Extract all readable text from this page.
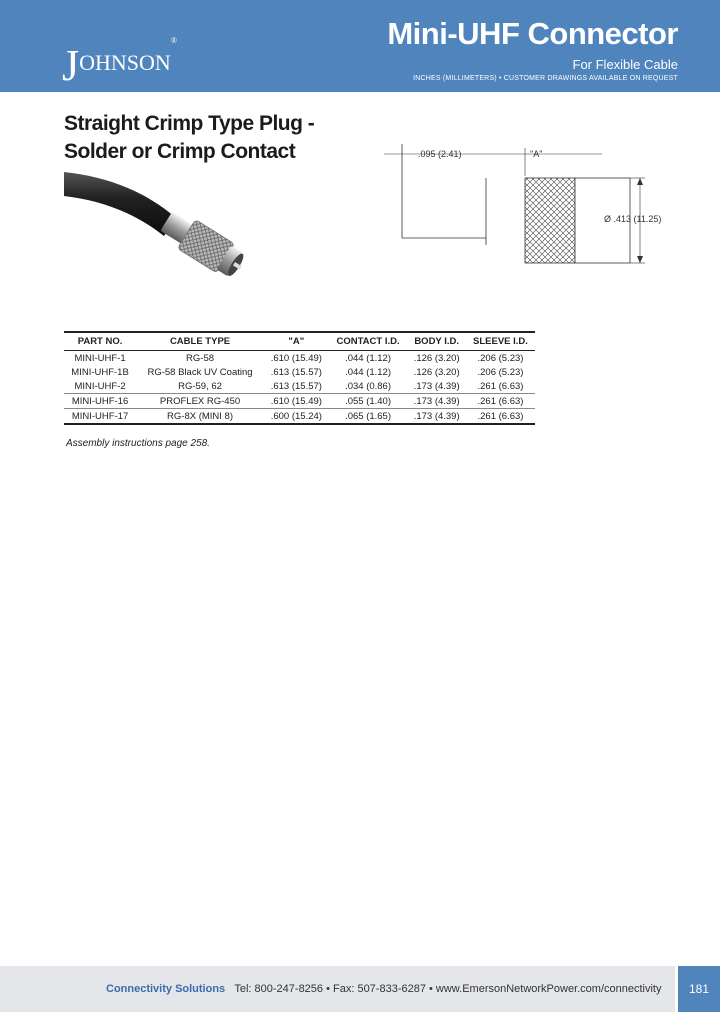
JOHNSON®	Mini-UHF Connector
For Flexible Cable
INCHES (MILLIMETERS) • CUSTOMER DRAWINGS AVAILABLE ON REQUEST
Straight Crimp Type Plug -
Solder or Crimp Contact	.095 (2.41)	"A"
Ø .413 (11.25)
PART NO.	CABLE TYPE	"A"	CONTACT I.D.	BODY I.D.	SLEEVE I.D.
MINI-UHF-1	RG-58	.610 (15.49)	.044 (1.12)	.126 (3.20)	.206 (5.23)
MINI-UHF-1B	RG-58 Black UV Coating	.613 (15.57)	.044 (1.12)	.126 (3.20)	.206 (5.23)
MINI-UHF-2	RG-59, 62	.613 (15.57)	.034 (0.86)	.173 (4.39)	.261 (6.63)
MINI-UHF-16	PROFLEX RG-450	.610 (15.49)	.055 (1.40)	.173 (4.39)	.261 (6.63)
MINI-UHF-17	RG-8X (MINI 8)	.600 (15.24)	.065 (1.65)	.173 (4.39)	.261 (6.63)
Assembly instructions page 258.
Connectivity Solutions Tel: 800-247-8256 • Fax: 507-833-6287 • www.EmersonNetworkPower.com/connectivity	181
